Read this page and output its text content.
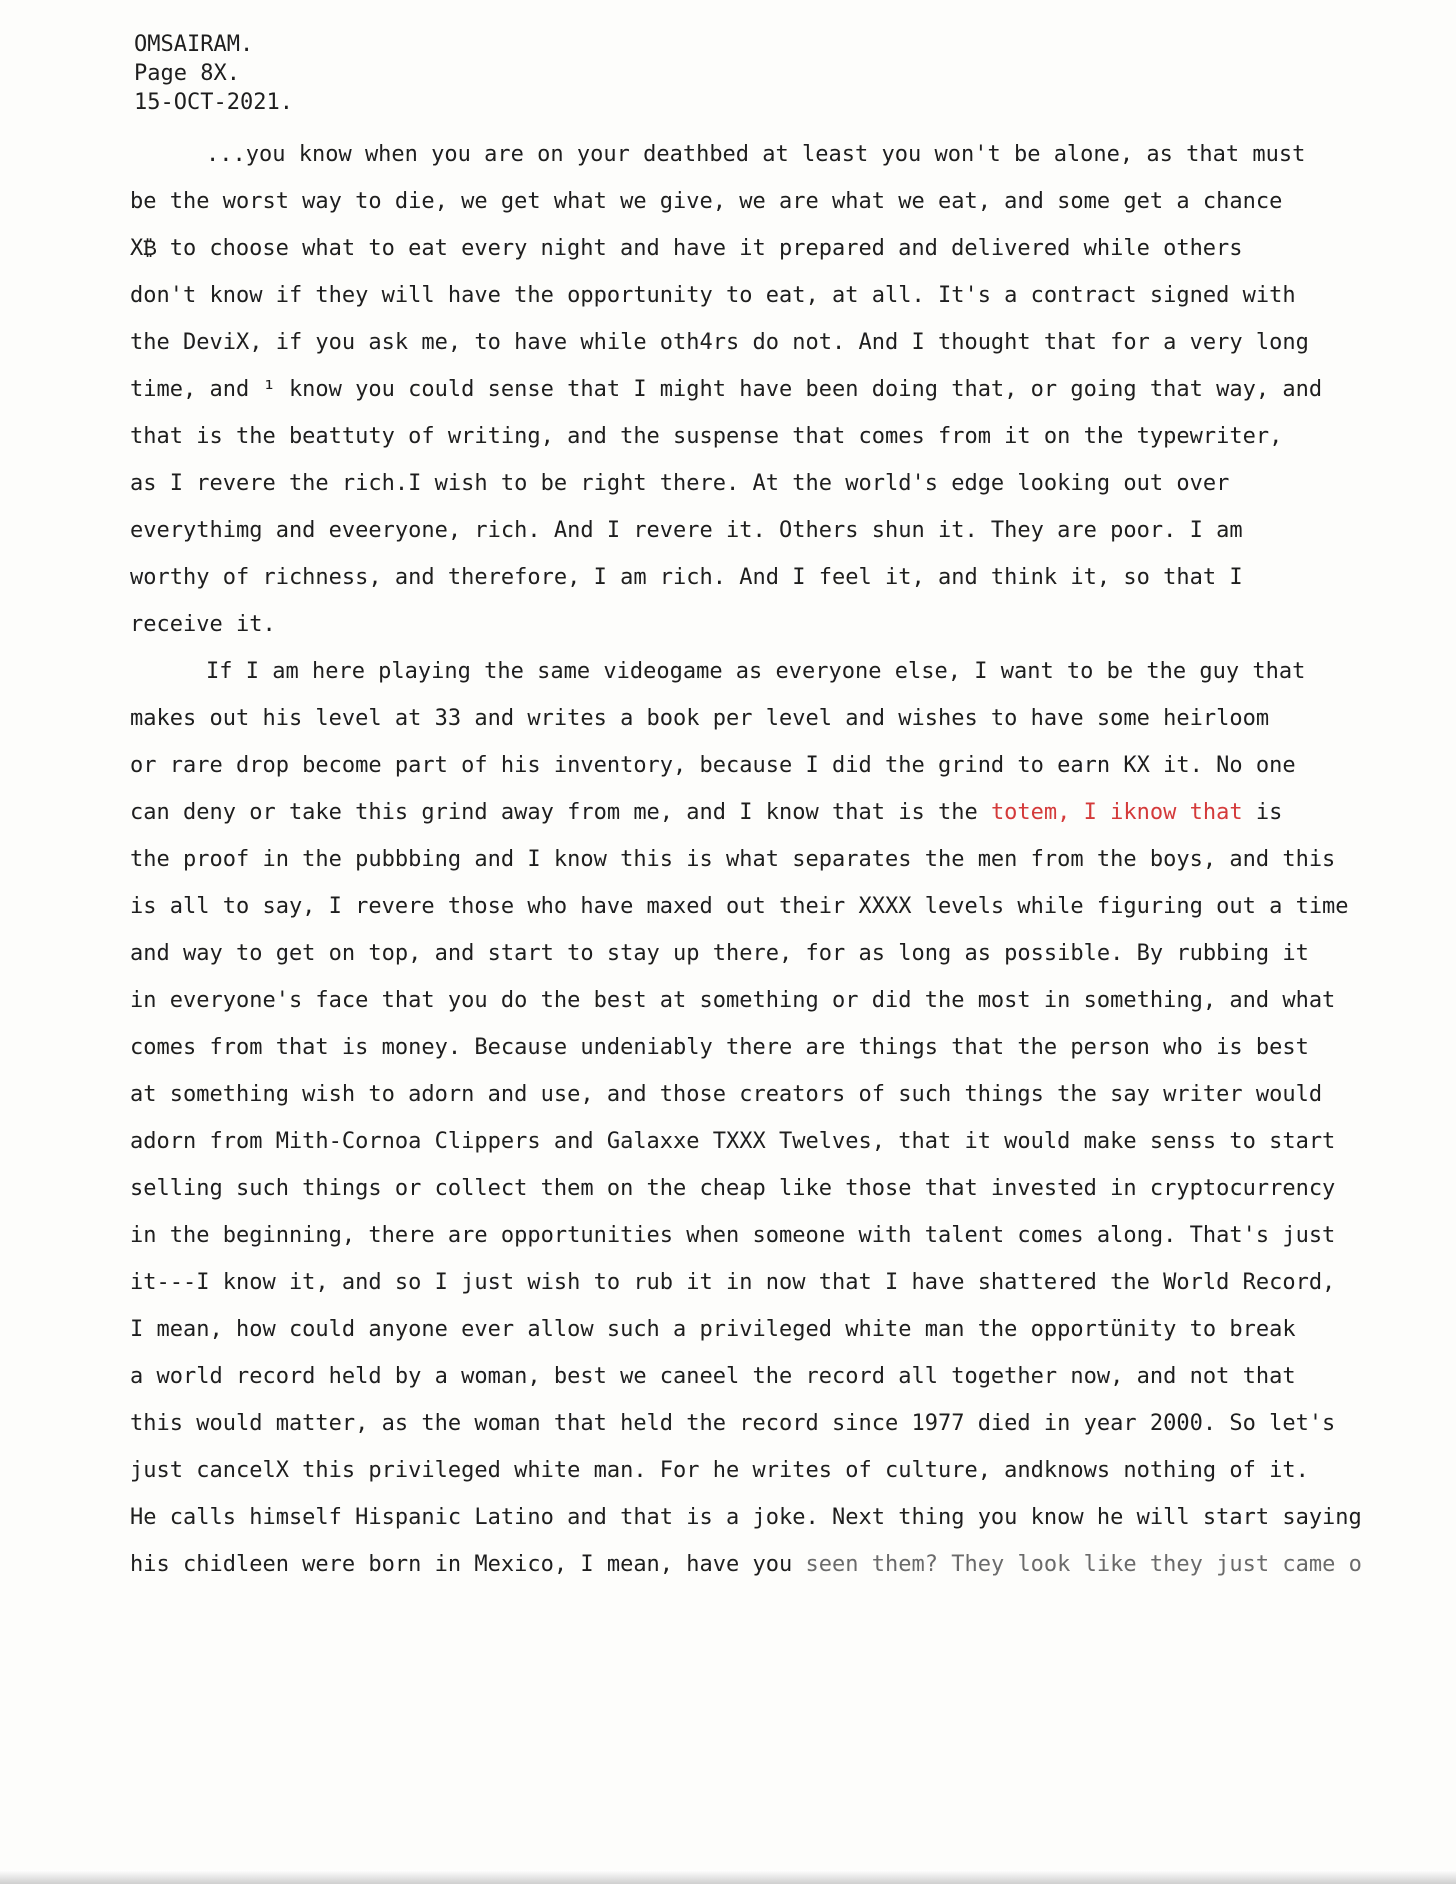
OMSAIRAM.
Page 8X.
15-OCT-2021.
...you know when you are on your deathbed at least you won't be alone, as that must
be the worst way to die, we get what we give, we are what we eat, and some get a chance
X₿ to choose what to eat every night and have it prepared and delivered while others
don't know if they will have the opportunity to eat, at all. It's a contract signed with
the DeviX, if you ask me, to have while oth4rs do not. And I thought that for a very long
time, and ¹ know you could sense that I might have been doing that, or going that way, and
that is the beattuty of writing, and the suspense that comes from it on the typewriter,
as I revere the rich.I wish to be right there. At the world's edge looking out over
everythimg and eveeryone, rich. And I revere it. Others shun it. They are poor. I am
worthy of richness, and therefore, I am rich. And I feel it, and think it, so that I
receive it.
If I am here playing the same videogame as everyone else, I want to be the guy that
makes out his level at 33 and writes a book per level and wishes to have some heirloom
or rare drop become part of his inventory, because I did the grind to earn KX it. No one
can deny or take this grind away from me, and I know that is the totem, I iknow that is
the proof in the pubbbing and I know this is what separates the men from the boys, and this
is all to say, I revere those who have maxed out their XXXX levels while figuring out a time
and way to get on top, and start to stay up there, for as long as possible. By rubbing it
in everyone's face that you do the best at something or did the most in something, and what
comes from that is money. Because undeniably there are things that the person who is best
at something wish to adorn and use, and those creators of such things the say writer would
adorn from Mith-Cornoa Clippers and Galaxxe TXXX Twelves, that it would make senss to start
selling such things or collect them on the cheap like those that invested in cryptocurrency
in the beginning, there are opportunities when someone with talent comes along. That's just
it---I know it, and so I just wish to rub it in now that I have shattered the World Record,
I mean, how could anyone ever allow such a privileged white man the opportünity to break
a world record held by a woman, best we caneel the record all together now, and not that
this would matter, as the woman that held the record since 1977 died in year 2000. So let's
just cancelX this privileged white man. For he writes of culture, andknows nothing of it.
He calls himself Hispanic Latino and that is a joke. Next thing you know he will start saying
his chidleen were born in Mexico, I mean, have you seen them? They look like they just came o
